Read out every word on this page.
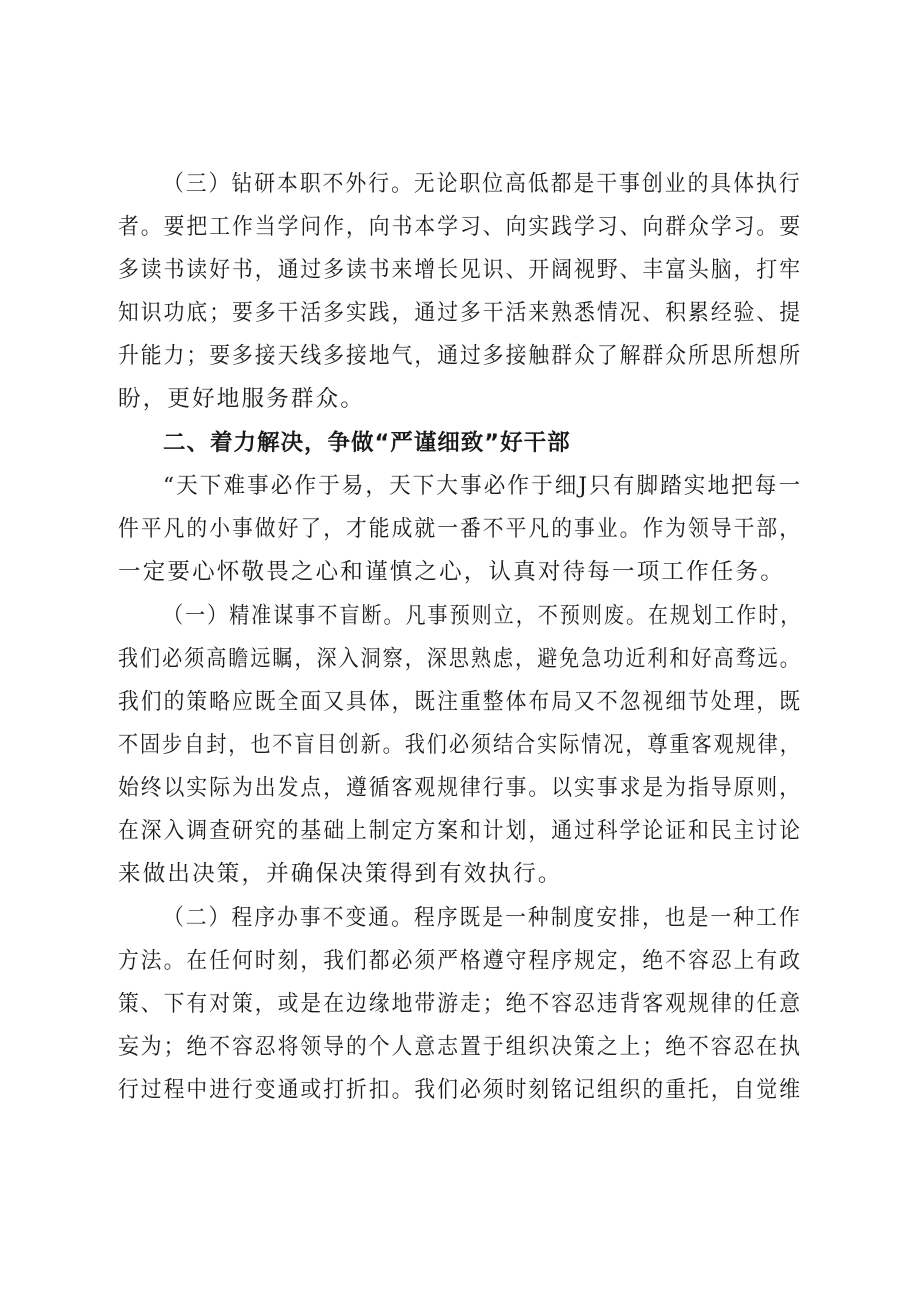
（三）钻研本职不外行。无论职位高低都是干事创业的具体执行
者。要把工作当学问作，向书本学习、向实践学习、向群众学习。要
多读书读好书，通过多读书来增长见识、开阔视野、丰富头脑，打牢
知识功底；要多干活多实践，通过多干活来熟悉情况、积累经验、提
升能力；要多接天线多接地气，通过多接触群众了解群众所思所想所
盼，更好地服务群众。
二、着力解决，争做“严谨细致”好干部
“天下难事必作于易，天下大事必作于细J只有脚踏实地把每一
件平凡的小事做好了，才能成就一番不平凡的事业。作为领导干部，
一定要心怀敬畏之心和谨慎之心，认真对待每一项工作任务。
（一）精准谋事不盲断。凡事预则立，不预则废。在规划工作时，
我们必须高瞻远瞩，深入洞察，深思熟虑，避免急功近利和好高骛远。
我们的策略应既全面又具体，既注重整体布局又不忽视细节处理，既
不固步自封，也不盲目创新。我们必须结合实际情况，尊重客观规律，
始终以实际为出发点，遵循客观规律行事。以实事求是为指导原则，
在深入调查研究的基础上制定方案和计划，通过科学论证和民主讨论
来做出决策，并确保决策得到有效执行。
（二）程序办事不变通。程序既是一种制度安排，也是一种工作
方法。在任何时刻，我们都必须严格遵守程序规定，绝不容忍上有政
策、下有对策，或是在边缘地带游走；绝不容忍违背客观规律的任意
妄为；绝不容忍将领导的个人意志置于组织决策之上；绝不容忍在执
行过程中进行变通或打折扣。我们必须时刻铭记组织的重托，自觉维
